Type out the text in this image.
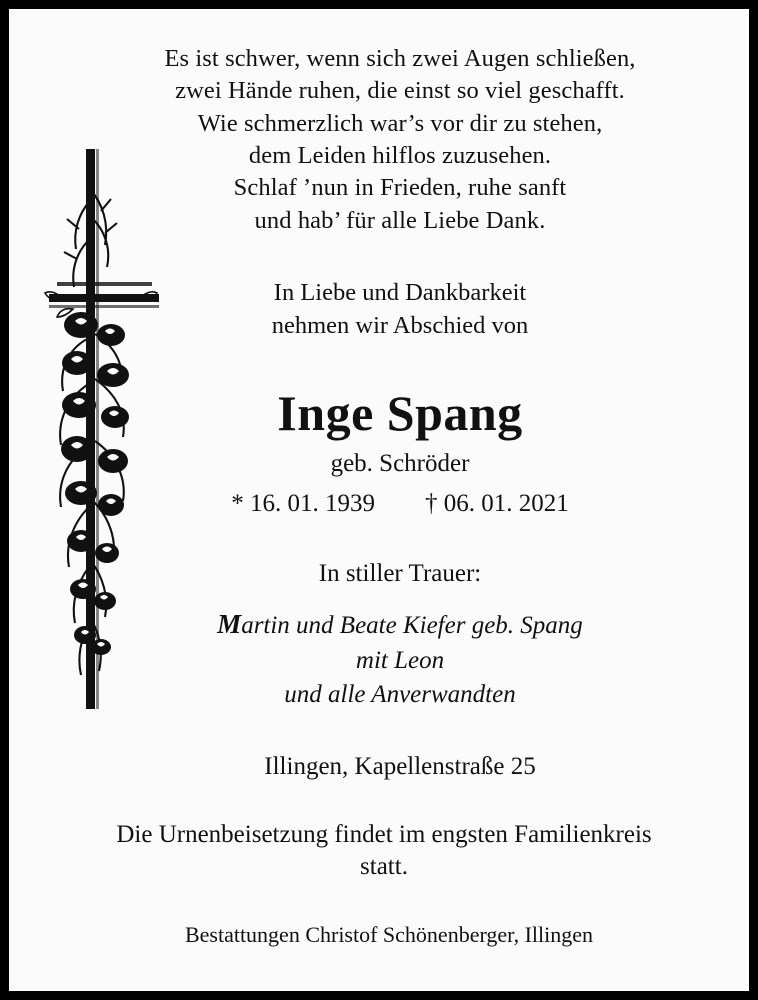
Es ist schwer, wenn sich zwei Augen schließen,
zwei Hände ruhen, die einst so viel geschafft.
Wie schmerzlich war’s vor dir zu stehen,
dem Leiden hilflos zuzusehen.
Schlaf ’nun in Frieden, ruhe sanft
und hab’ für alle Liebe Dank.
In Liebe und Dankbarkeit
nehmen wir Abschied von
Inge Spang
geb. Schröder
* 16. 01. 1939        † 06. 01. 2021
In stiller Trauer:
Martin und Beate Kiefer geb. Spang
mit Leon
und alle Anverwandten
Illingen, Kapellenstraße 25
Die Urnenbeisetzung findet im engsten Familienkreis
statt.
Bestattungen Christof Schönenberger, Illingen
